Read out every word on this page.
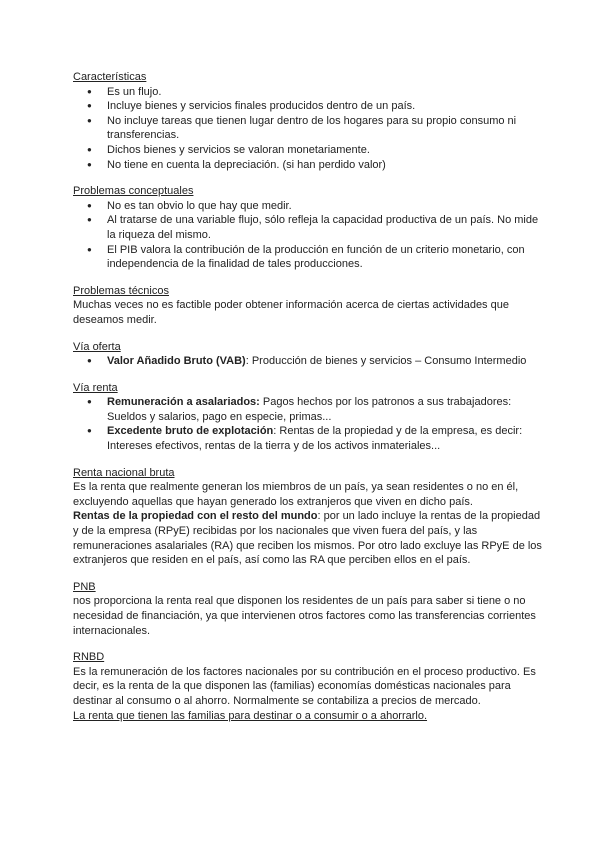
Características

● Es un flujo.
● Incluye bienes y servicios finales producidos dentro de un país.
● No incluye tareas que tienen lugar dentro de los hogares para su propio consumo ni transferencias.
● Dichos bienes y servicios se valoran monetariamente.
● No tiene en cuenta la depreciación. (si han perdido valor)

Problemas conceptuales

● No es tan obvio lo que hay que medir.
● Al tratarse de una variable flujo, sólo refleja la capacidad productiva de un país. No mide la riqueza del mismo.
● El PIB valora la contribución de la producción en función de un criterio monetario, con independencia de la finalidad de tales producciones.

Problemas técnicos

Muchas veces no es factible poder obtener información acerca de ciertas actividades que deseamos medir.

Vía oferta

● Valor Añadido Bruto (VAB): Producción de bienes y servicios – Consumo Intermedio

Vía renta

● Remuneración a asalariados: Pagos hechos por los patronos a sus trabajadores: Sueldos y salarios, pago en especie, primas...
● Excedente bruto de explotación: Rentas de la propiedad y de la empresa, es decir: Intereses efectivos, rentas de la tierra y de los activos inmateriales...

Renta nacional bruta

Es la renta que realmente generan los miembros de un país, ya sean residentes o no en él, excluyendo aquellas que hayan generado los extranjeros que viven en dicho país.

Rentas de la propiedad con el resto del mundo: por un lado incluye la rentas de la propiedad y de la empresa (RPyE) recibidas por los nacionales que viven fuera del país, y las remuneraciones asalariales (RA) que reciben los mismos. Por otro lado excluye las RPyE de los extranjeros que residen en el país, así como las RA que perciben ellos en el país.

PNB

nos proporciona la renta real que disponen los residentes de un país para saber si tiene o no necesidad de financiación, ya que intervienen otros factores como las transferencias corrientes internacionales.

RNBD

Es la remuneración de los factores nacionales por su contribución en el proceso productivo. Es decir, es la renta de la que disponen las (familias) economías domésticas nacionales para destinar al consumo o al ahorro. Normalmente se contabiliza a precios de mercado.

La renta que tienen las familias para destinar o a consumir o a ahorrarlo.
